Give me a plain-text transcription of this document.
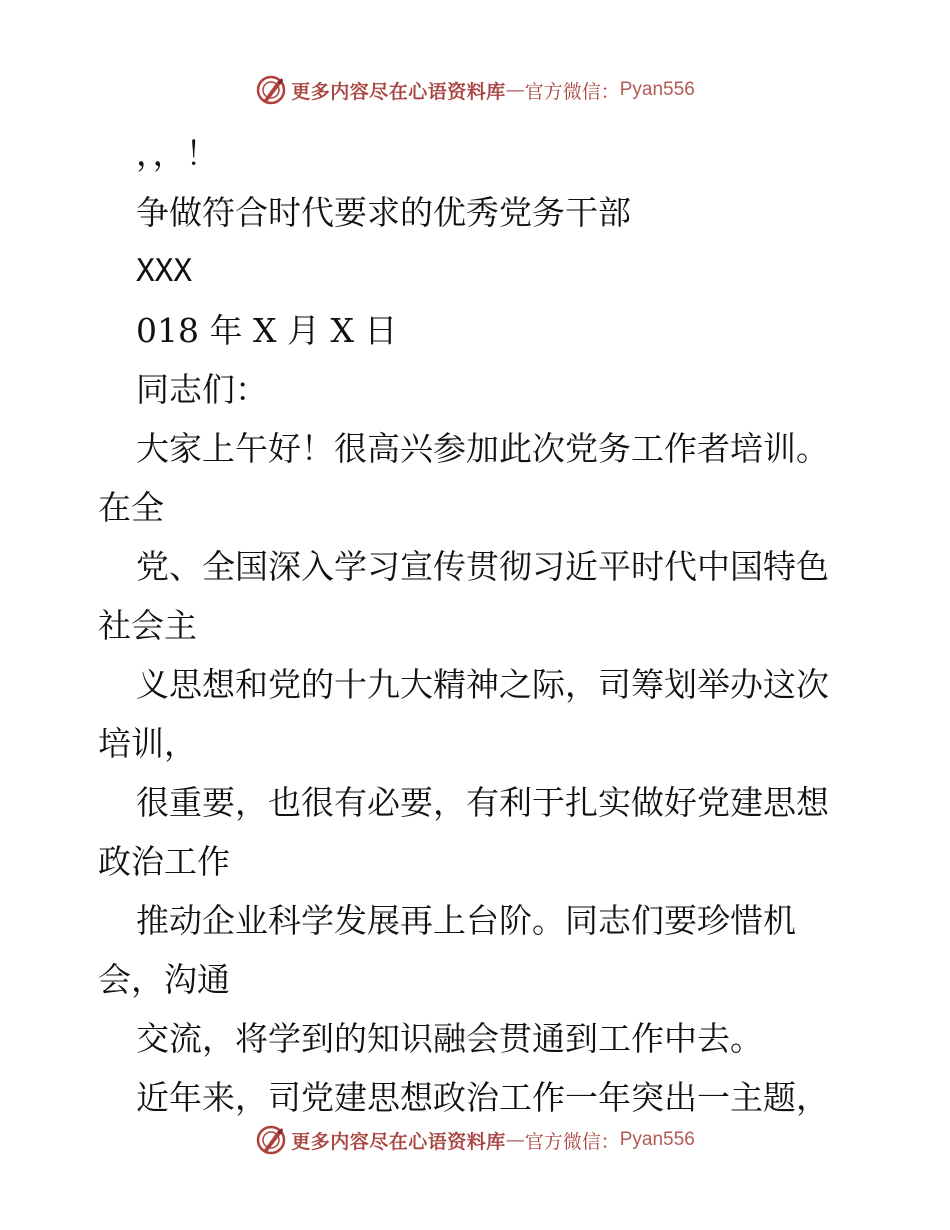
更多内容尽在心语资料库 — 官方微信： Pyan556
，，！
争做符合时代要求的优秀党务干部
XXX
018 年 X 月 X 日
同志们：
大家上午好！很高兴参加此次党务工作者培训。
在全
党、全国深入学习宣传贯彻习近平时代中国特色
社会主
义思想和党的十九大精神之际，司筹划举办这次
培训，
很重要，也很有必要，有利于扎实做好党建思想
政治工作
推动企业科学发展再上台阶。同志们要珍惜机
会，沟通
交流，将学到的知识融会贯通到工作中去。
近年来，司党建思想政治工作一年突出一主题，
更多内容尽在心语资料库 — 官方微信： Pyan556
